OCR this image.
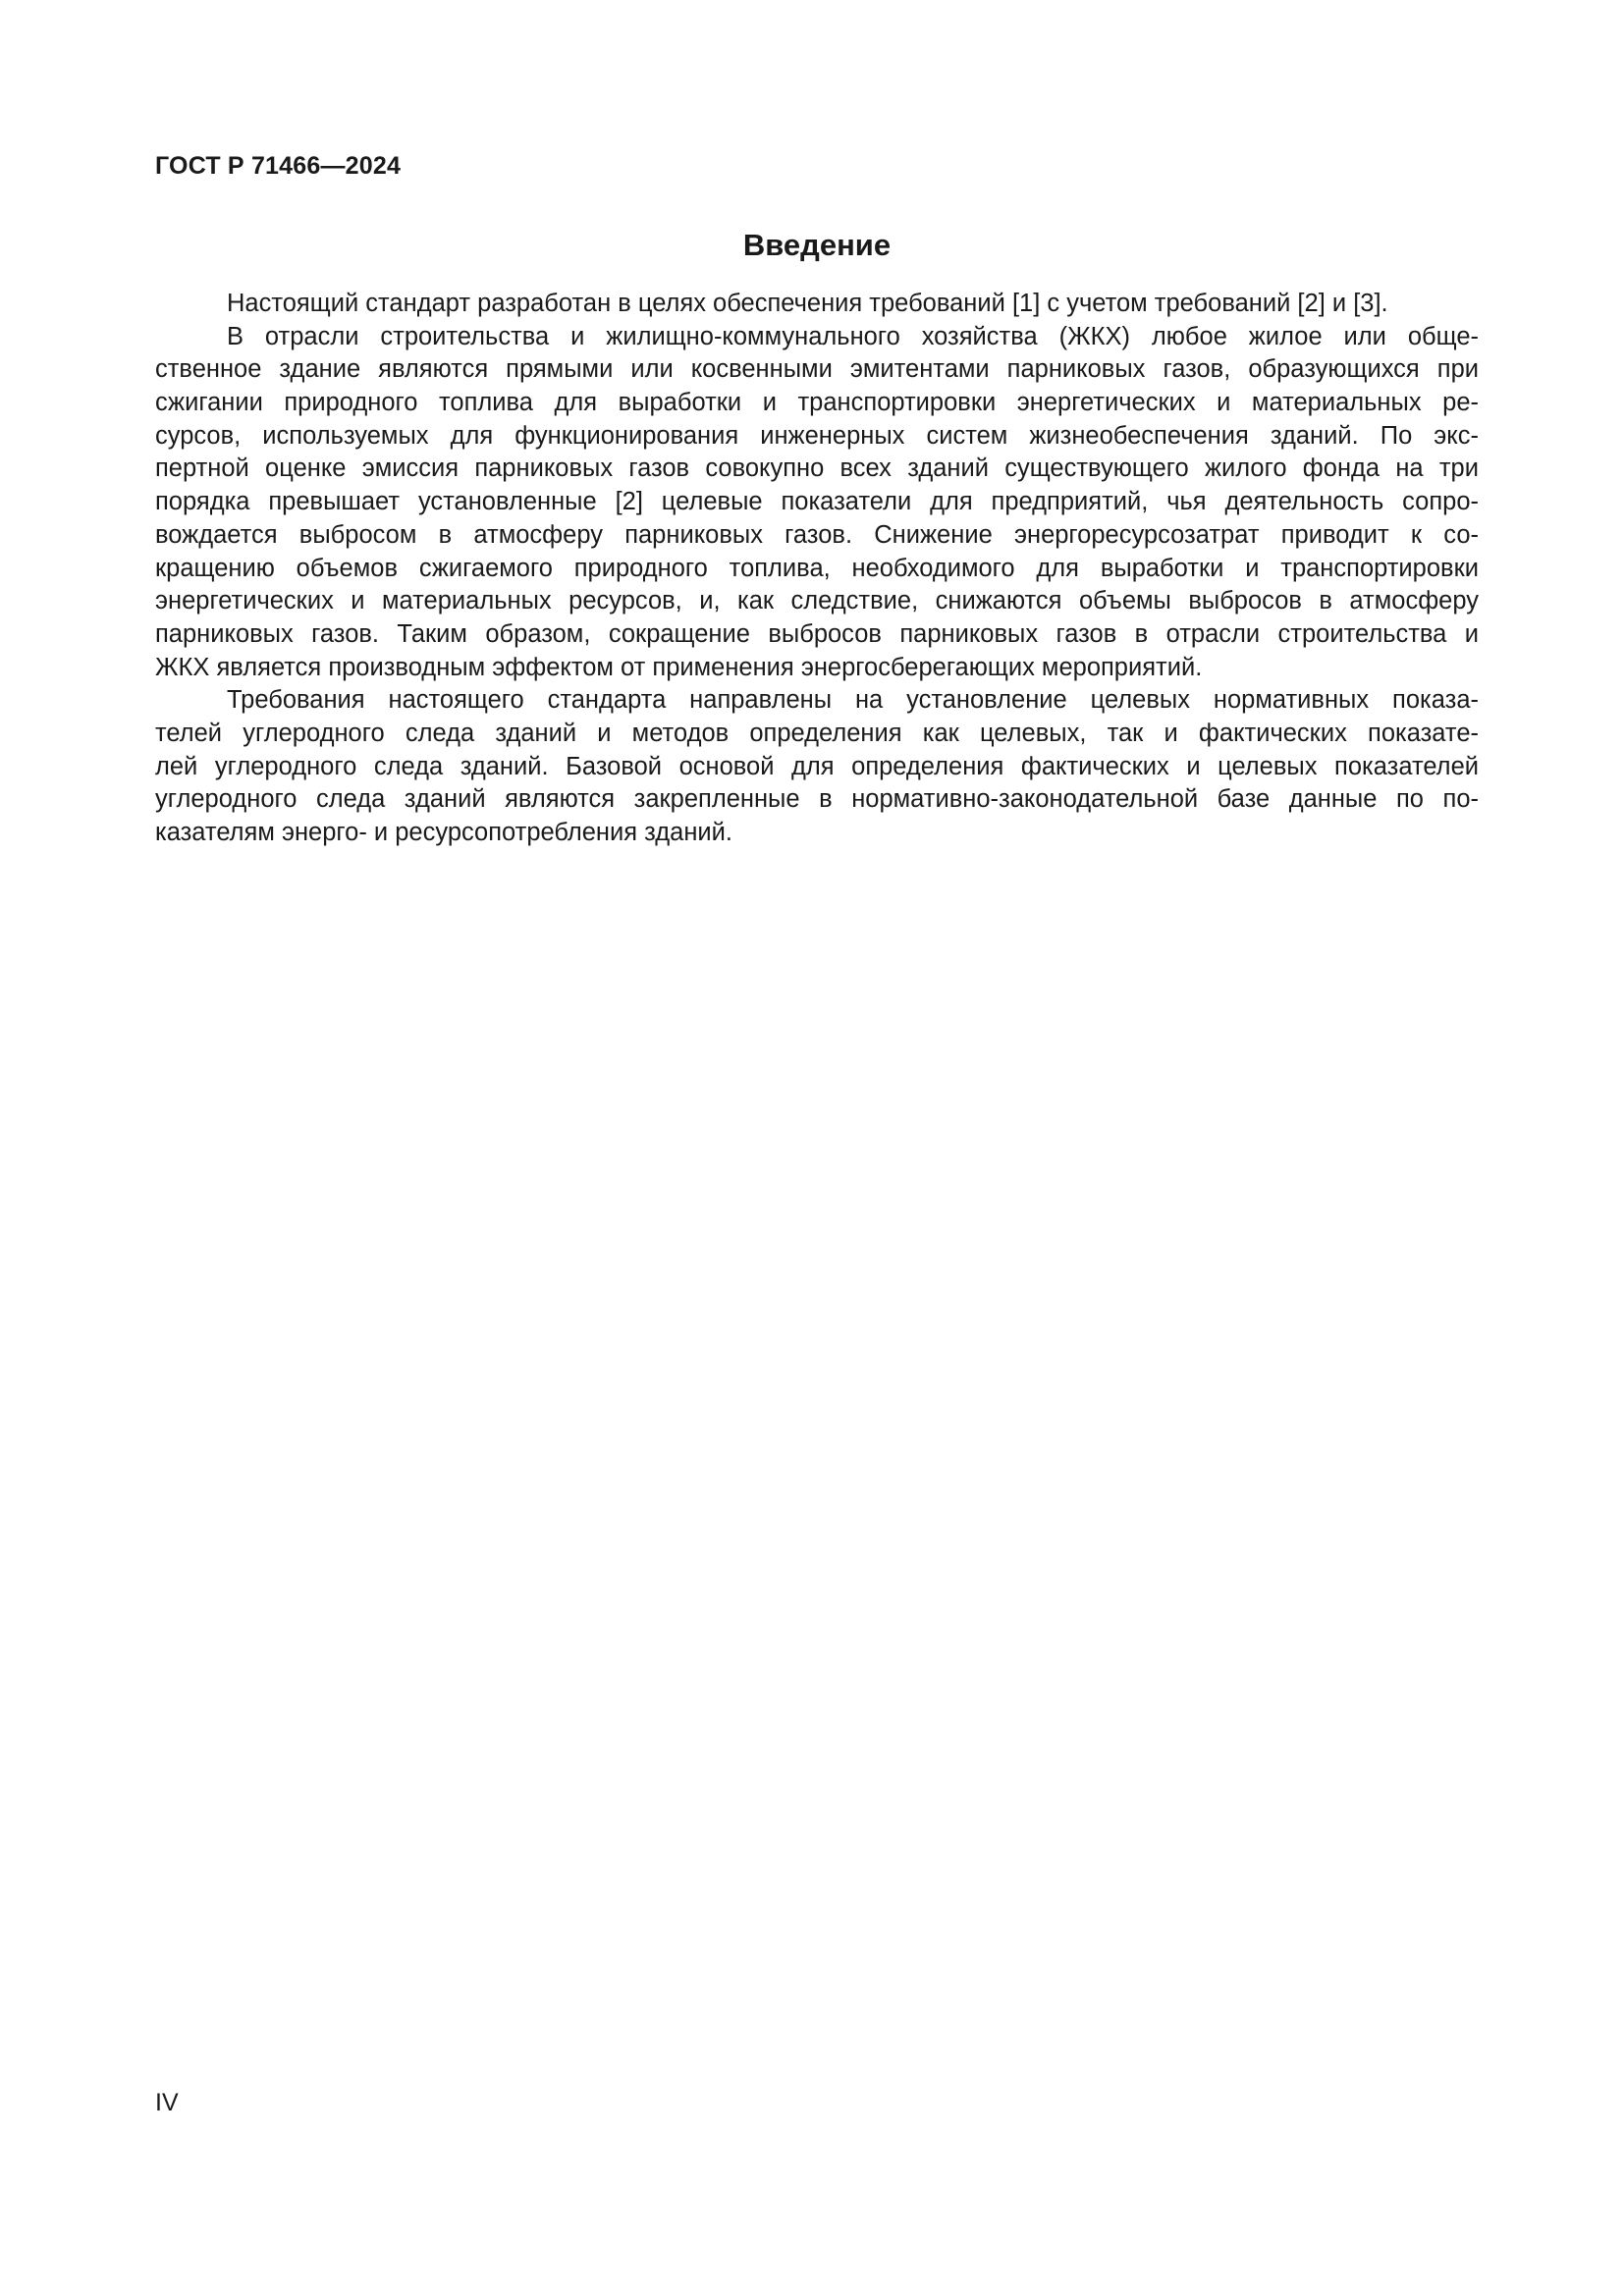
ГОСТ Р 71466—2024
Введение
Настоящий стандарт разработан в целях обеспечения требований [1] с учетом требований [2] и [3].
В отрасли строительства и жилищно-коммунального хозяйства (ЖКХ) любое жилое или обще-
ственное здание являются прямыми или косвенными эмитентами парниковых газов, образующихся при
сжигании природного топлива для выработки и транспортировки энергетических и материальных ре-
сурсов, используемых для функционирования инженерных систем жизнеобеспечения зданий. По экс-
пертной оценке эмиссия парниковых газов совокупно всех зданий существующего жилого фонда на три
порядка превышает установленные [2] целевые показатели для предприятий, чья деятельность сопро-
вождается выбросом в атмосферу парниковых газов. Снижение энергоресурсозатрат приводит к со-
кращению объемов сжигаемого природного топлива, необходимого для выработки и транспортировки
энергетических и материальных ресурсов, и, как следствие, снижаются объемы выбросов в атмосферу
парниковых газов. Таким образом, сокращение выбросов парниковых газов в отрасли строительства и
ЖКХ является производным эффектом от применения энергосберегающих мероприятий.
Требования настоящего стандарта направлены на установление целевых нормативных показа-
телей углеродного следа зданий и методов определения как целевых, так и фактических показате-
лей углеродного следа зданий. Базовой основой для определения фактических и целевых показателей
углеродного следа зданий являются закрепленные в нормативно-законодательной базе данные по по-
казателям энерго- и ресурсопотребления зданий.
IV
